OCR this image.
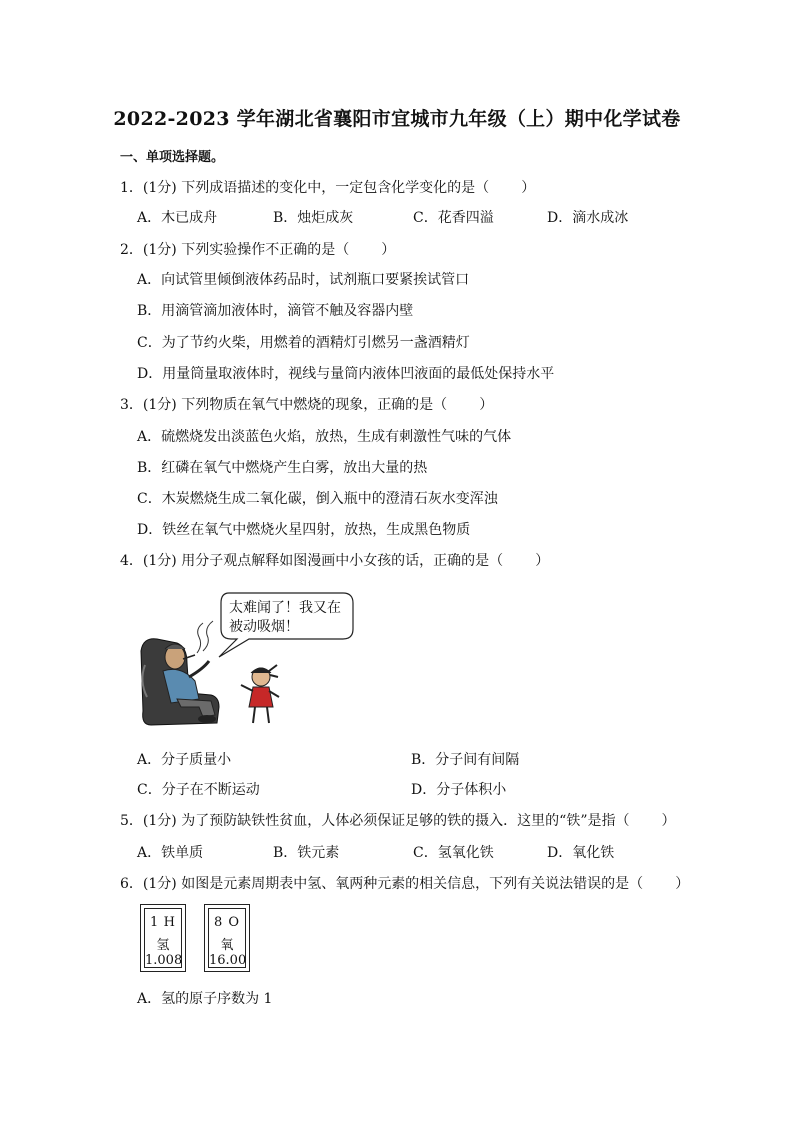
2022-2023 学年湖北省襄阳市宜城市九年级（上）期中化学试卷
一、单项选择题。
1．(1分) 下列成语描述的变化中，一定包含化学变化的是（ ）
A．木已成舟	B．烛炬成灰	C．花香四溢	D．滴水成冰
2．(1分) 下列实验操作不正确的是（ ）
A．向试管里倾倒液体药品时，试剂瓶口要紧挨试管口
B．用滴管滴加液体时，滴管不触及容器内壁
C．为了节约火柴，用燃着的酒精灯引燃另一盏酒精灯
D．用量筒量取液体时，视线与量筒内液体凹液面的最低处保持水平
3．(1分) 下列物质在氧气中燃烧的现象，正确的是（ ）
A．硫燃烧发出淡蓝色火焰，放热，生成有刺激性气味的气体
B．红磷在氧气中燃烧产生白雾，放出大量的热
C．木炭燃烧生成二氧化碳，倒入瓶中的澄清石灰水变浑浊
D．铁丝在氧气中燃烧火星四射，放热，生成黑色物质
4．(1分) 用分子观点解释如图漫画中小女孩的话，正确的是（ ）
太难闻了！我又在
被动吸烟！
A．分子质量小	B．分子间有间隔
C．分子在不断运动	D．分子体积小
5．(1分) 为了预防缺铁性贫血，人体必须保证足够的铁的摄入．这里的“铁”是指（ ）
A．铁单质	B．铁元素	C．氢氧化铁	D．氧化铁
6．(1分) 如图是元素周期表中氢、氧两种元素的相关信息，下列有关说法错误的是（ ）
1 H
氢
1.008
8 O
氧
16.00
A．氢的原子序数为 1
